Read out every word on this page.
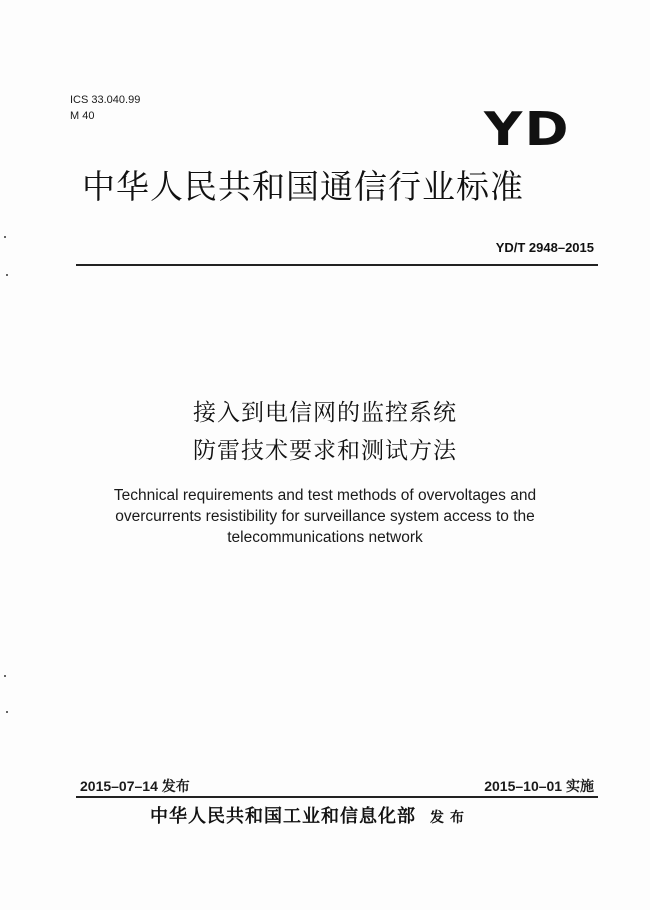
ICS 33.040.99
M 40	YD
中华人民共和国通信行业标准
YD/T 2948–2015
接入到电信网的监控系统
防雷技术要求和测试方法
Technical requirements and test methods of overvoltages and
overcurrents resistibility for surveillance system access to the
telecommunications network
2015–07–14 发布	2015–10–01 实施
中华人民共和国工业和信息化部 发布
